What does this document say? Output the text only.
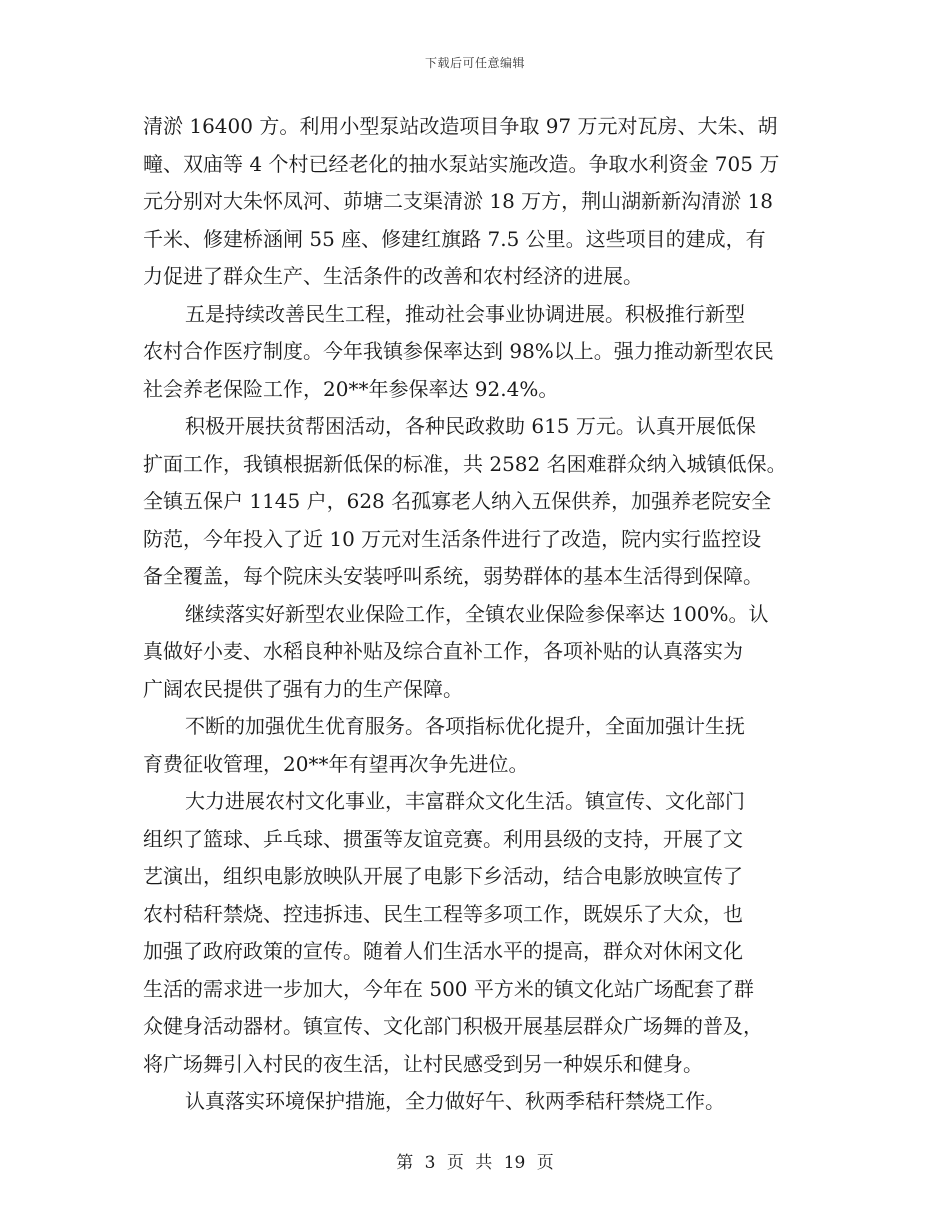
下载后可任意编辑

清淤 16400 方。利用小型泵站改造项目争取 97 万元对瓦房、大朱、胡
疃、双庙等 4 个村已经老化的抽水泵站实施改造。争取水利资金 705 万
元分别对大朱怀凤河、茆塘二支渠清淤 18 万方，荆山湖新新沟清淤 18
千米、修建桥涵闸 55 座、修建红旗路 7.5 公里。这些项目的建成，有
力促进了群众生产、生活条件的改善和农村经济的进展。

五是持续改善民生工程，推动社会事业协调进展。积极推行新型
农村合作医疗制度。今年我镇参保率达到 98%以上。强力推动新型农民
社会养老保险工作，20**年参保率达 92.4%。

积极开展扶贫帮困活动，各种民政救助 615 万元。认真开展低保
扩面工作，我镇根据新低保的标准，共 2582 名困难群众纳入城镇低保。
全镇五保户 1145 户，628 名孤寡老人纳入五保供养，加强养老院安全
防范，今年投入了近 10 万元对生活条件进行了改造，院内实行监控设
备全覆盖，每个院床头安装呼叫系统，弱势群体的基本生活得到保障。

继续落实好新型农业保险工作，全镇农业保险参保率达 100%。认
真做好小麦、水稻良种补贴及综合直补工作，各项补贴的认真落实为
广阔农民提供了强有力的生产保障。

不断的加强优生优育服务。各项指标优化提升，全面加强计生抚
育费征收管理，20**年有望再次争先进位。

大力进展农村文化事业，丰富群众文化生活。镇宣传、文化部门
组织了篮球、乒乓球、掼蛋等友谊竞赛。利用县级的支持，开展了文
艺演出，组织电影放映队开展了电影下乡活动，结合电影放映宣传了
农村秸秆禁烧、控违拆违、民生工程等多项工作，既娱乐了大众，也
加强了政府政策的宣传。随着人们生活水平的提高，群众对休闲文化
生活的需求进一步加大，今年在 500 平方米的镇文化站广场配套了群
众健身活动器材。镇宣传、文化部门积极开展基层群众广场舞的普及，
将广场舞引入村民的夜生活，让村民感受到另一种娱乐和健身。

认真落实环境保护措施，全力做好午、秋两季秸秆禁烧工作。

第 3 页 共 19 页
